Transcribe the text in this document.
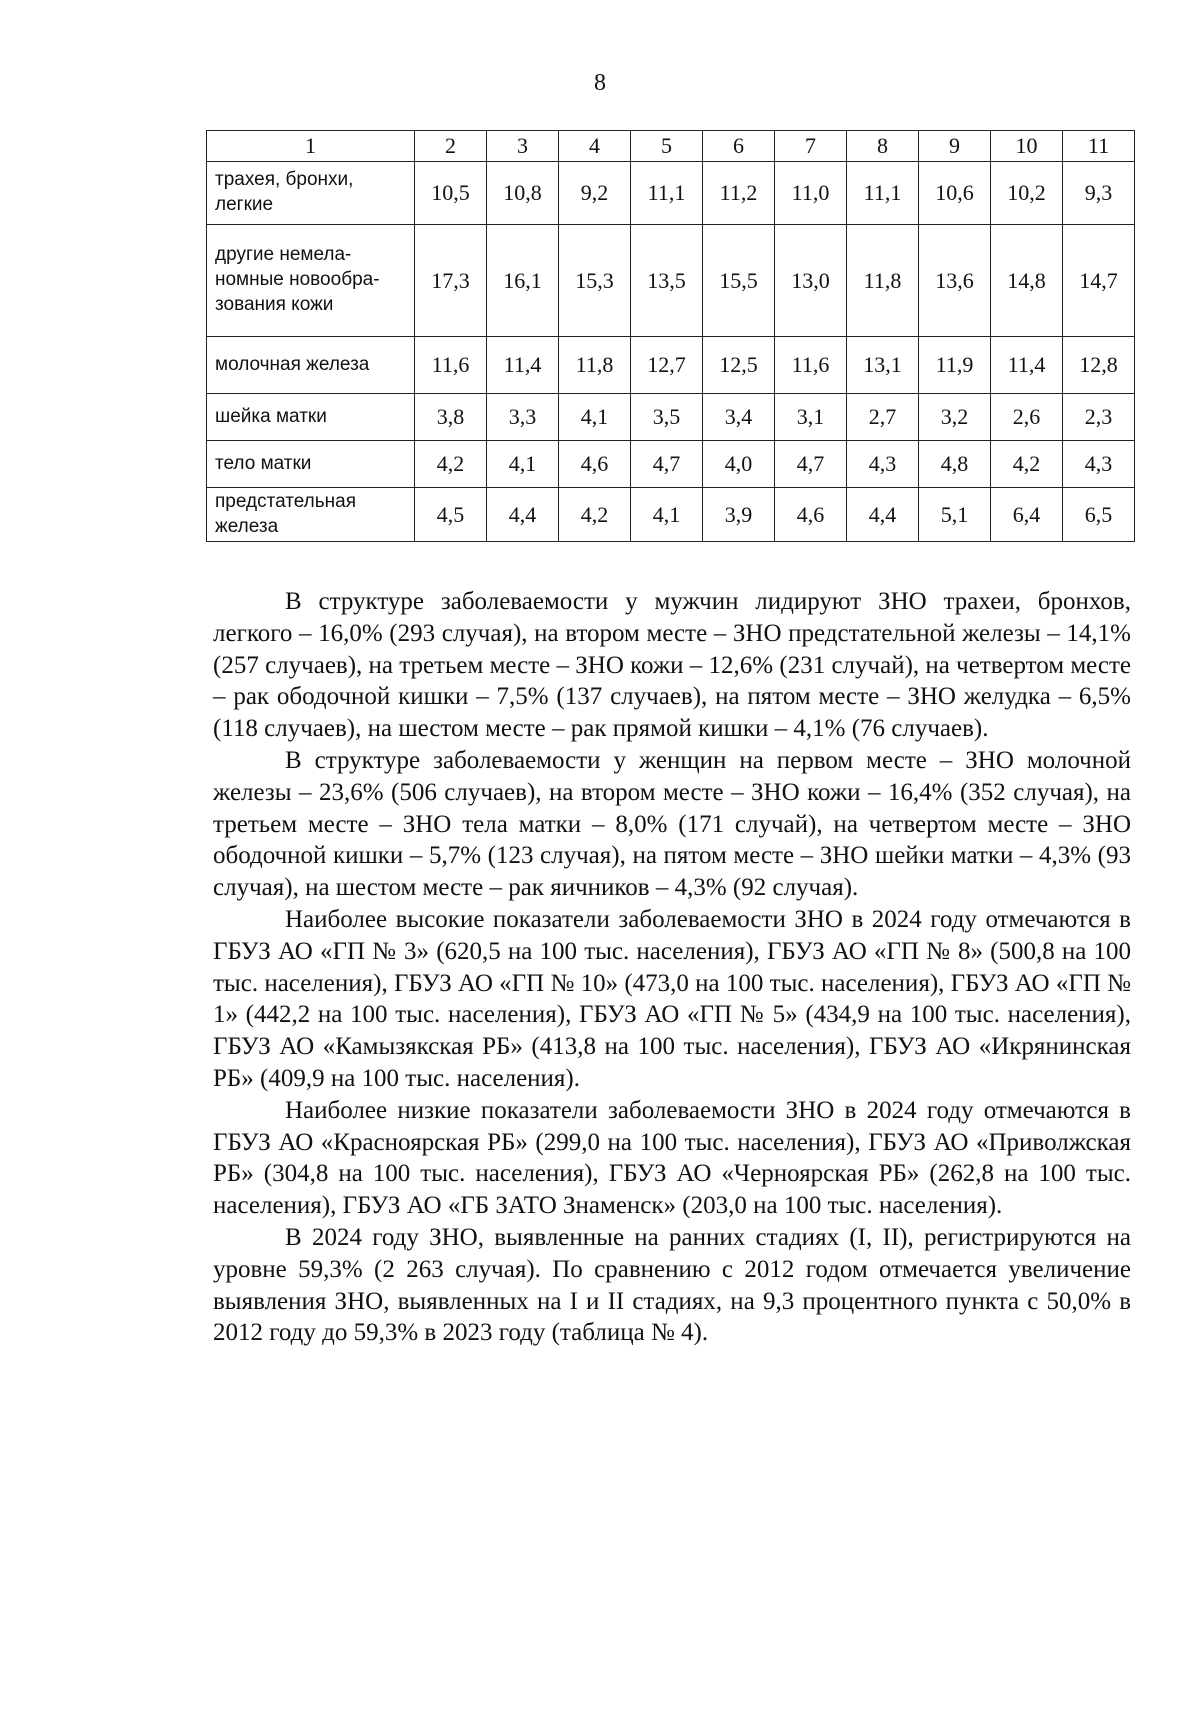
8
1	2	3	4	5	6	7	8	9	10	11
трахея, бронхи, легкие	10,5	10,8	9,2	11,1	11,2	11,0	11,1	10,6	10,2	9,3
другие немела-номные новообра-зования кожи	17,3	16,1	15,3	13,5	15,5	13,0	11,8	13,6	14,8	14,7
молочная железа	11,6	11,4	11,8	12,7	12,5	11,6	13,1	11,9	11,4	12,8
шейка матки	3,8	3,3	4,1	3,5	3,4	3,1	2,7	3,2	2,6	2,3
тело матки	4,2	4,1	4,6	4,7	4,0	4,7	4,3	4,8	4,2	4,3
предстательная железа	4,5	4,4	4,2	4,1	3,9	4,6	4,4	5,1	6,4	6,5

В структуре заболеваемости у мужчин лидируют ЗНО трахеи, бронхов, легкого – 16,0% (293 случая), на втором месте – ЗНО предстательной железы – 14,1% (257 случаев), на третьем месте – ЗНО кожи – 12,6% (231 случай), на четвертом месте – рак ободочной кишки – 7,5% (137 случаев), на пятом месте – ЗНО желудка – 6,5% (118 случаев), на шестом месте – рак прямой кишки – 4,1% (76 случаев).

В структуре заболеваемости у женщин на первом месте – ЗНО молочной железы – 23,6% (506 случаев), на втором месте – ЗНО кожи – 16,4% (352 случая), на третьем месте – ЗНО тела матки – 8,0% (171 случай), на четвертом месте – ЗНО ободочной кишки – 5,7% (123 случая), на пятом месте – ЗНО шейки матки – 4,3% (93 случая), на шестом месте – рак яичников – 4,3% (92 случая).

Наиболее высокие показатели заболеваемости ЗНО в 2024 году отмечаются в ГБУЗ АО «ГП № 3» (620,5 на 100 тыс. населения), ГБУЗ АО «ГП № 8» (500,8 на 100 тыс. населения), ГБУЗ АО «ГП № 10» (473,0 на 100 тыс. населения), ГБУЗ АО «ГП № 1» (442,2 на 100 тыс. населения), ГБУЗ АО «ГП № 5» (434,9 на 100 тыс. населения), ГБУЗ АО «Камызякская РБ» (413,8 на 100 тыс. населения), ГБУЗ АО «Икрянинская РБ» (409,9 на 100 тыс. населения).

Наиболее низкие показатели заболеваемости ЗНО в 2024 году отмечаются в ГБУЗ АО «Красноярская РБ» (299,0 на 100 тыс. населения), ГБУЗ АО «Приволжская РБ» (304,8 на 100 тыс. населения), ГБУЗ АО «Черноярская РБ» (262,8 на 100 тыс. населения), ГБУЗ АО «ГБ ЗАТО Знаменск» (203,0 на 100 тыс. населения).

В 2024 году ЗНО, выявленные на ранних стадиях (I, II), регистрируются на уровне 59,3% (2 263 случая). По сравнению с 2012 годом отмечается увеличение выявления ЗНО, выявленных на I и II стадиях, на 9,3 процентного пункта с 50,0% в 2012 году до 59,3% в 2023 году (таблица № 4).
